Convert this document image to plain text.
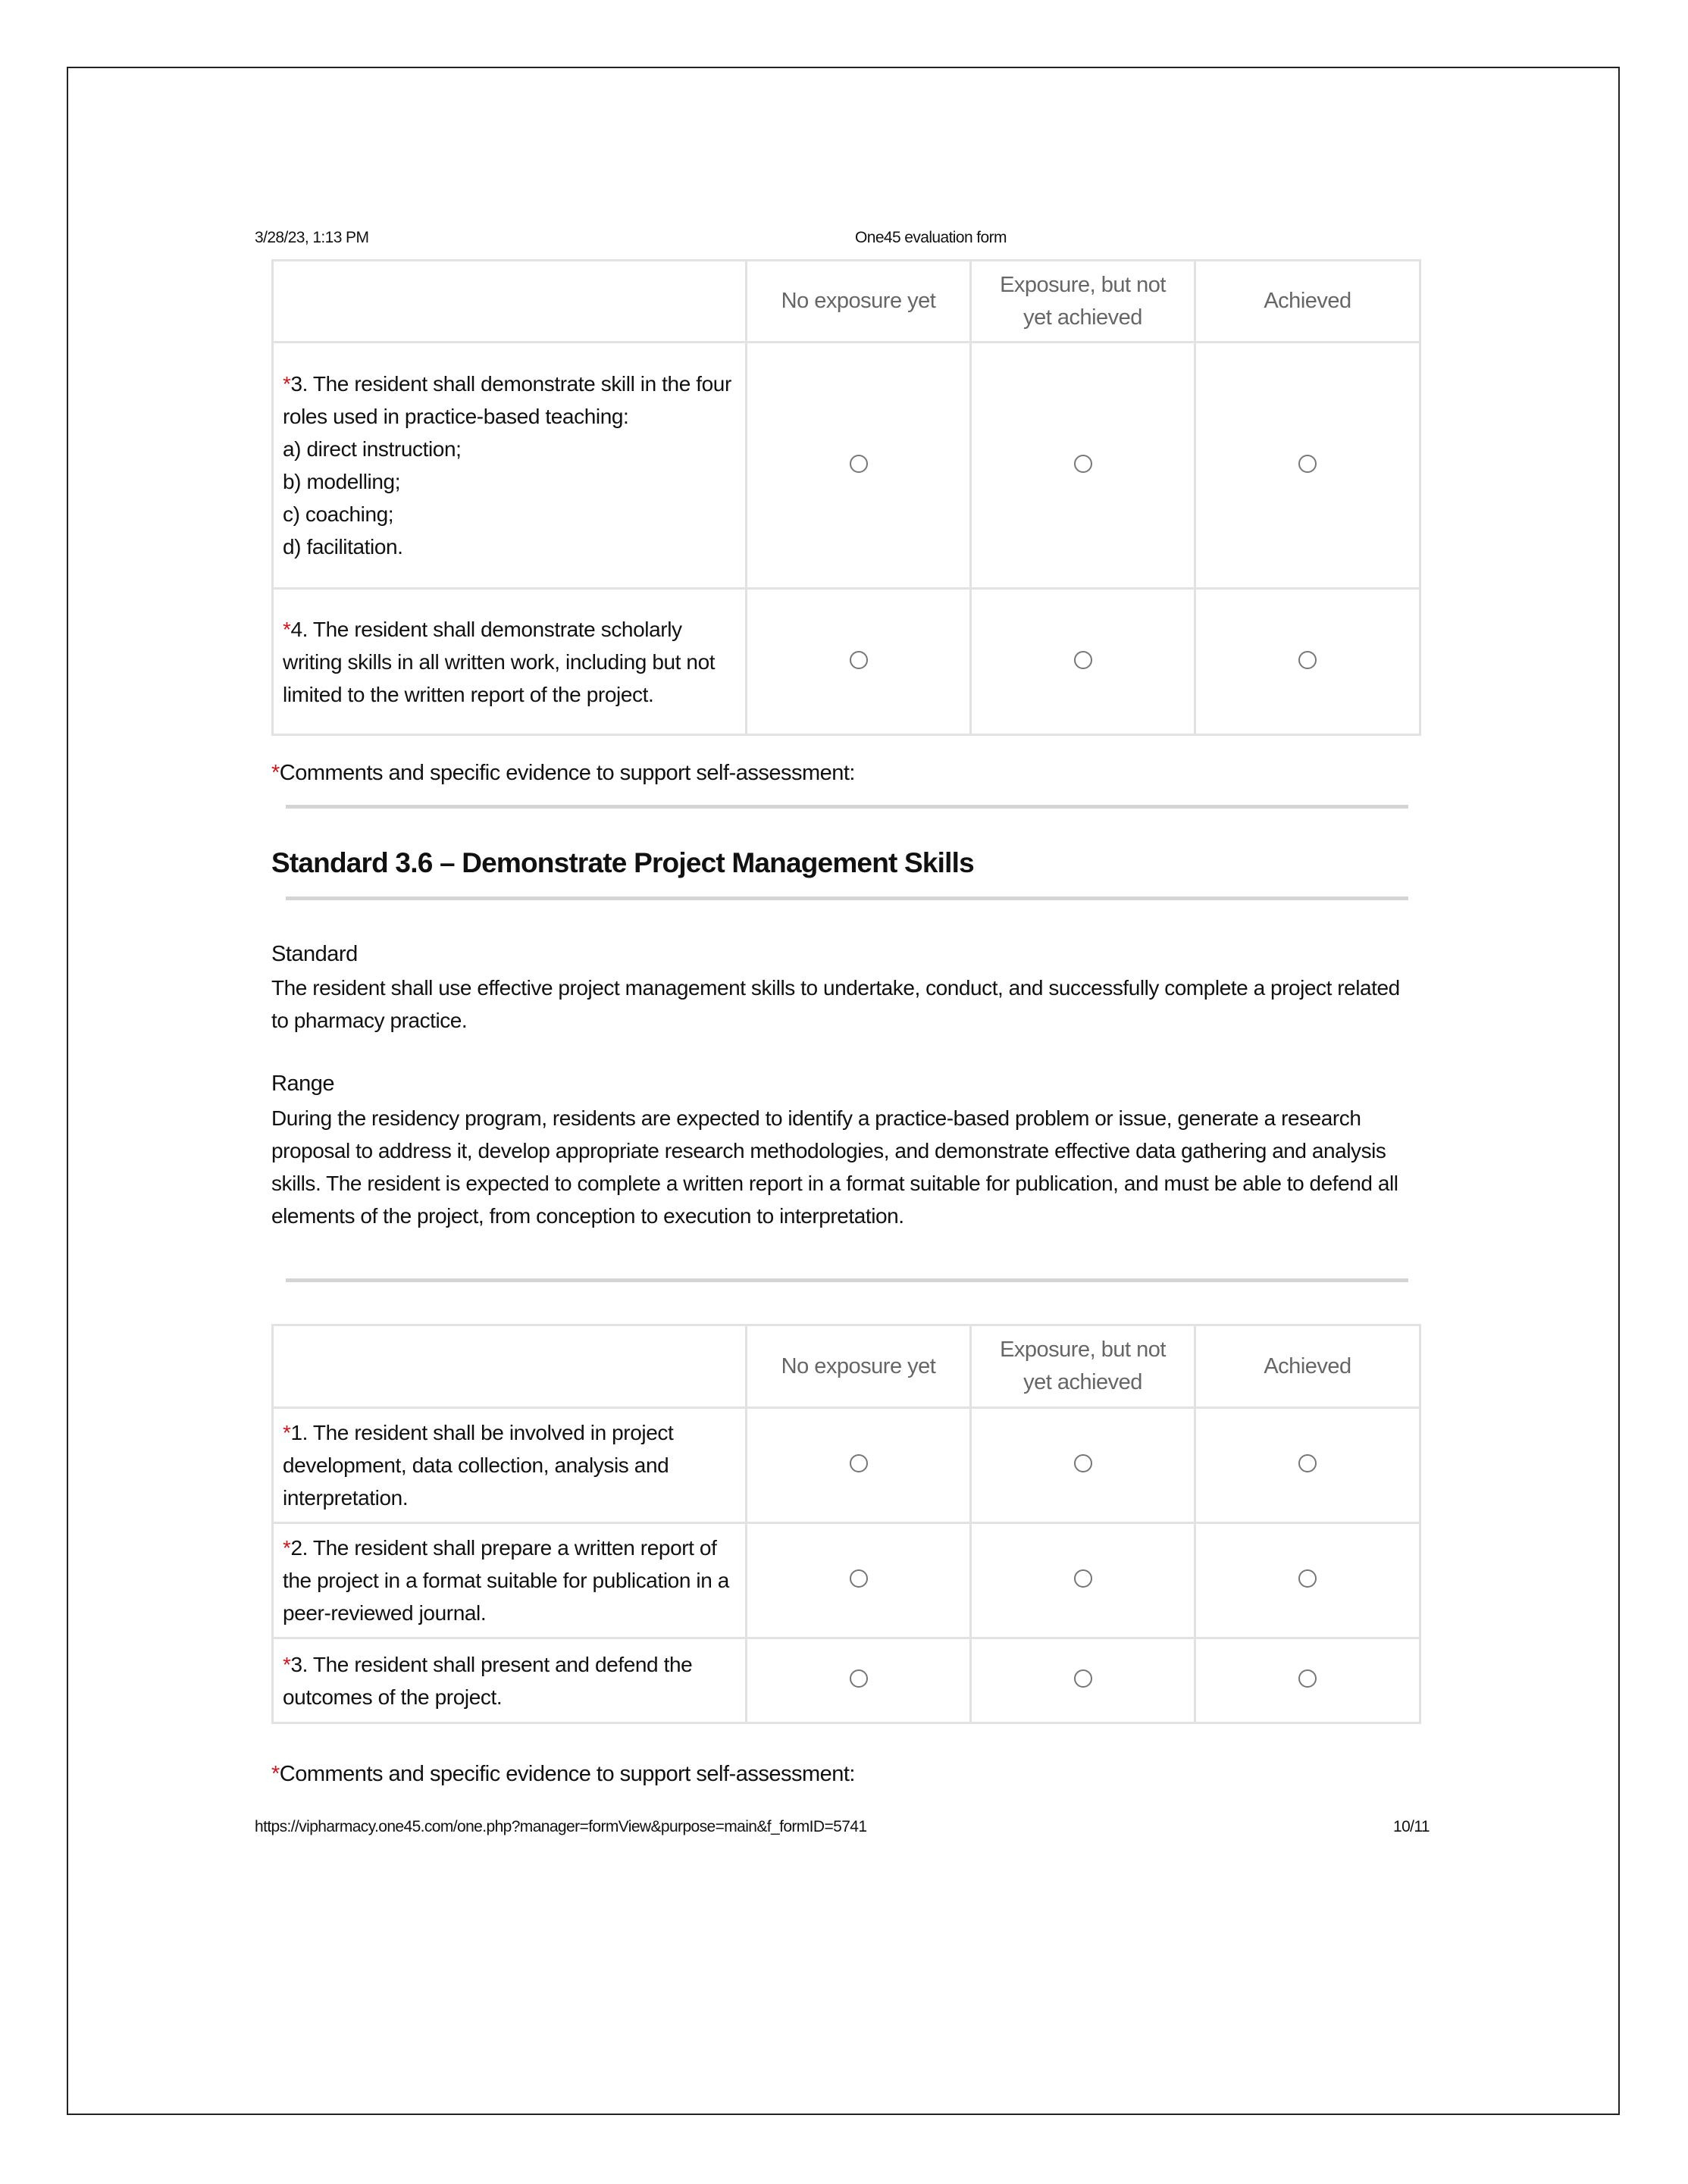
3/28/23, 1:13 PM	One45 evaluation form
	No exposure yet	Exposure, but not yet achieved	Achieved
*3. The resident shall demonstrate skill in the four roles used in practice-based teaching:
a) direct instruction;
b) modelling;
c) coaching;
d) facilitation.			
*4. The resident shall demonstrate scholarly writing skills in all written work, including but not limited to the written report of the project.			
*Comments and specific evidence to support self-assessment:
Standard 3.6 – Demonstrate Project Management Skills
Standard
The resident shall use effective project management skills to undertake, conduct, and successfully complete a project related to pharmacy practice.
Range
During the residency program, residents are expected to identify a practice-based problem or issue, generate a research proposal to address it, develop appropriate research methodologies, and demonstrate effective data gathering and analysis skills. The resident is expected to complete a written report in a format suitable for publication, and must be able to defend all elements of the project, from conception to execution to interpretation.
	No exposure yet	Exposure, but not yet achieved	Achieved
*1. The resident shall be involved in project development, data collection, analysis and interpretation.			
*2. The resident shall prepare a written report of the project in a format suitable for publication in a peer-reviewed journal.			
*3. The resident shall present and defend the outcomes of the project.			
*Comments and specific evidence to support self-assessment:
https://vipharmacy.one45.com/one.php?manager=formView&purpose=main&f_formID=5741	10/11
